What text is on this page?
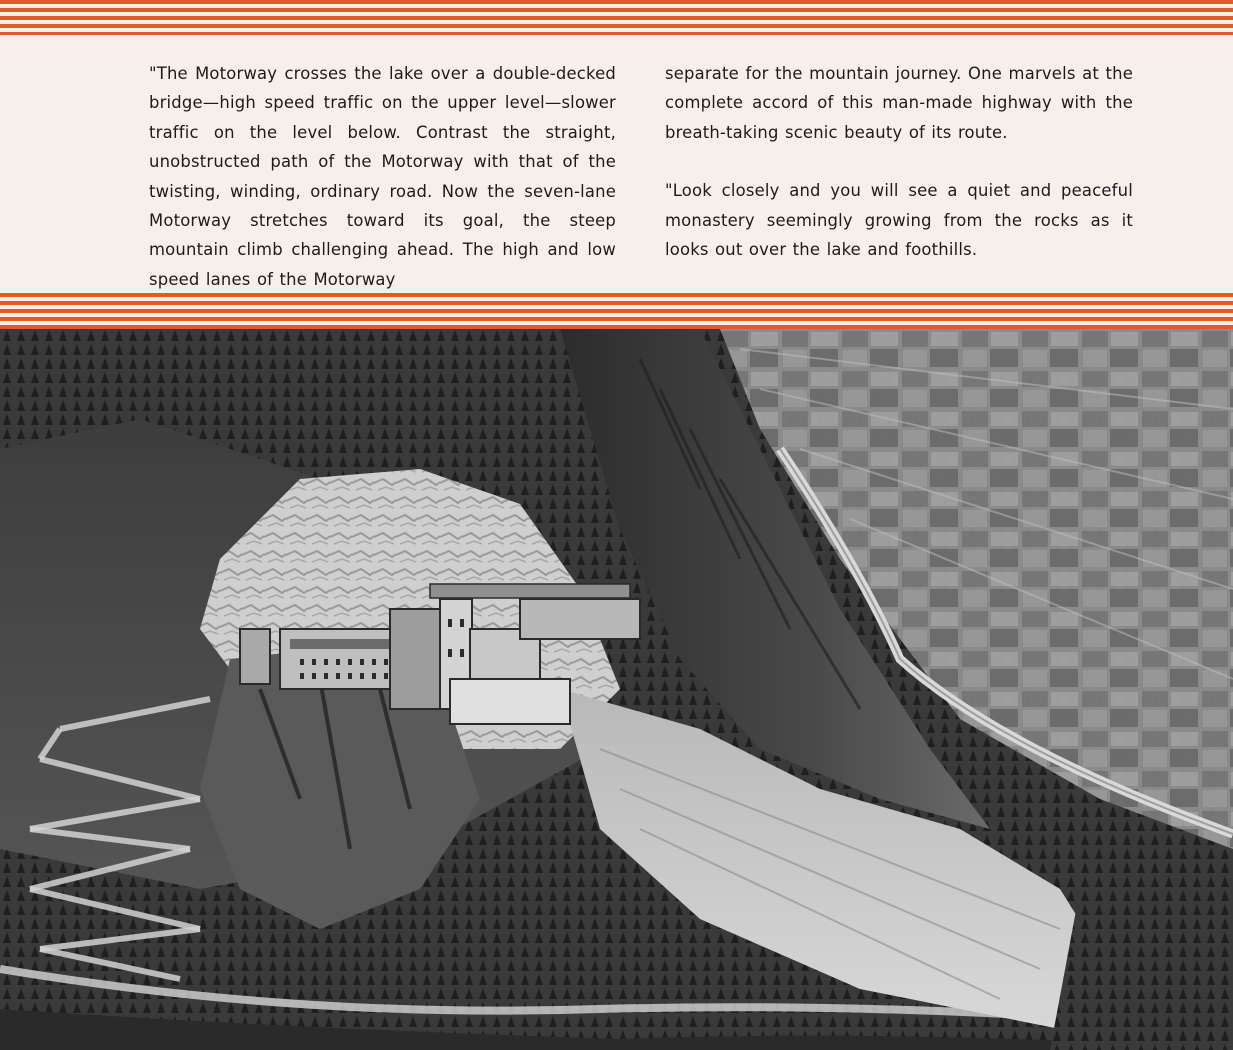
"The Motorway crosses the lake over a double-decked bridge—high speed traffic on the upper level—slower traffic on the level below. Contrast the straight, unobstructed path of the Motorway with that of the twisting, winding, ordinary road. Now the seven-lane Motorway stretches toward its goal, the steep mountain climb challenging ahead. The high and low speed lanes of the Motorway

separate for the mountain journey. One marvels at the complete accord of this man-made highway with the breath-taking scenic beauty of its route.

"Look closely and you will see a quiet and peaceful monastery seemingly growing from the rocks as it looks out over the lake and foothills.
